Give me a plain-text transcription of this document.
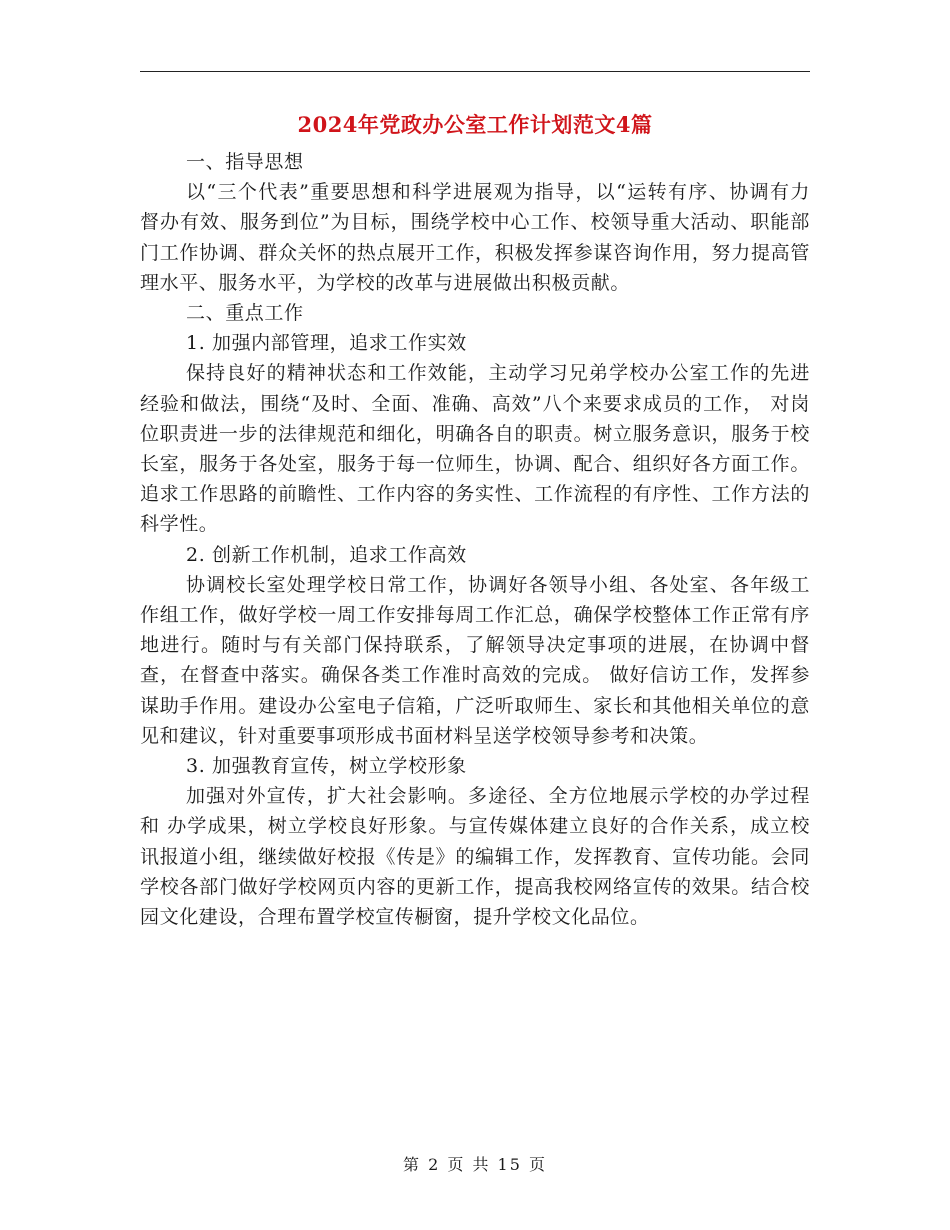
2024年党政办公室工作计划范文4篇

一、指导思想

以“三个代表”重要思想和科学进展观为指导，以“运转有序、协调有力 督办有效、服务到位”为目标，围绕学校中心工作、校领导重大活动、职能部门工作协调、群众关怀的热点展开工作，积极发挥参谋咨询作用，努力提高管理水平、服务水平，为学校的改革与进展做出积极贡献。

二、重点工作

1. 加强内部管理，追求工作实效

保持良好的精神状态和工作效能，主动学习兄弟学校办公室工作的先进经验和做法，围绕“及时、全面、准确、高效”八个来要求成员的工作， 对岗位职责进一步的法律规范和细化，明确各自的职责。树立服务意识，服务于校长室，服务于各处室，服务于每一位师生，协调、配合、组织好各方面工作。追求工作思路的前瞻性、工作内容的务实性、工作流程的有序性、工作方法的科学性。

2. 创新工作机制，追求工作高效

协调校长室处理学校日常工作，协调好各领导小组、各处室、各年级工作组工作，做好学校一周工作安排每周工作汇总，确保学校整体工作正常有序地进行。随时与有关部门保持联系，了解领导决定事项的进展，在协调中督查，在督查中落实。确保各类工作准时高效的完成。 做好信访工作，发挥参谋助手作用。建设办公室电子信箱，广泛听取师生、家长和其他相关单位的意见和建议，针对重要事项形成书面材料呈送学校领导参考和决策。

3. 加强教育宣传，树立学校形象

加强对外宣传，扩大社会影响。多途径、全方位地展示学校的办学过程和 办学成果，树立学校良好形象。与宣传媒体建立良好的合作关系，成立校讯报道小组，继续做好校报《传是》的编辑工作，发挥教育、宣传功能。会同学校各部门做好学校网页内容的更新工作，提高我校网络宣传的效果。结合校园文化建设，合理布置学校宣传橱窗，提升学校文化品位。

第 2 页 共 15 页
